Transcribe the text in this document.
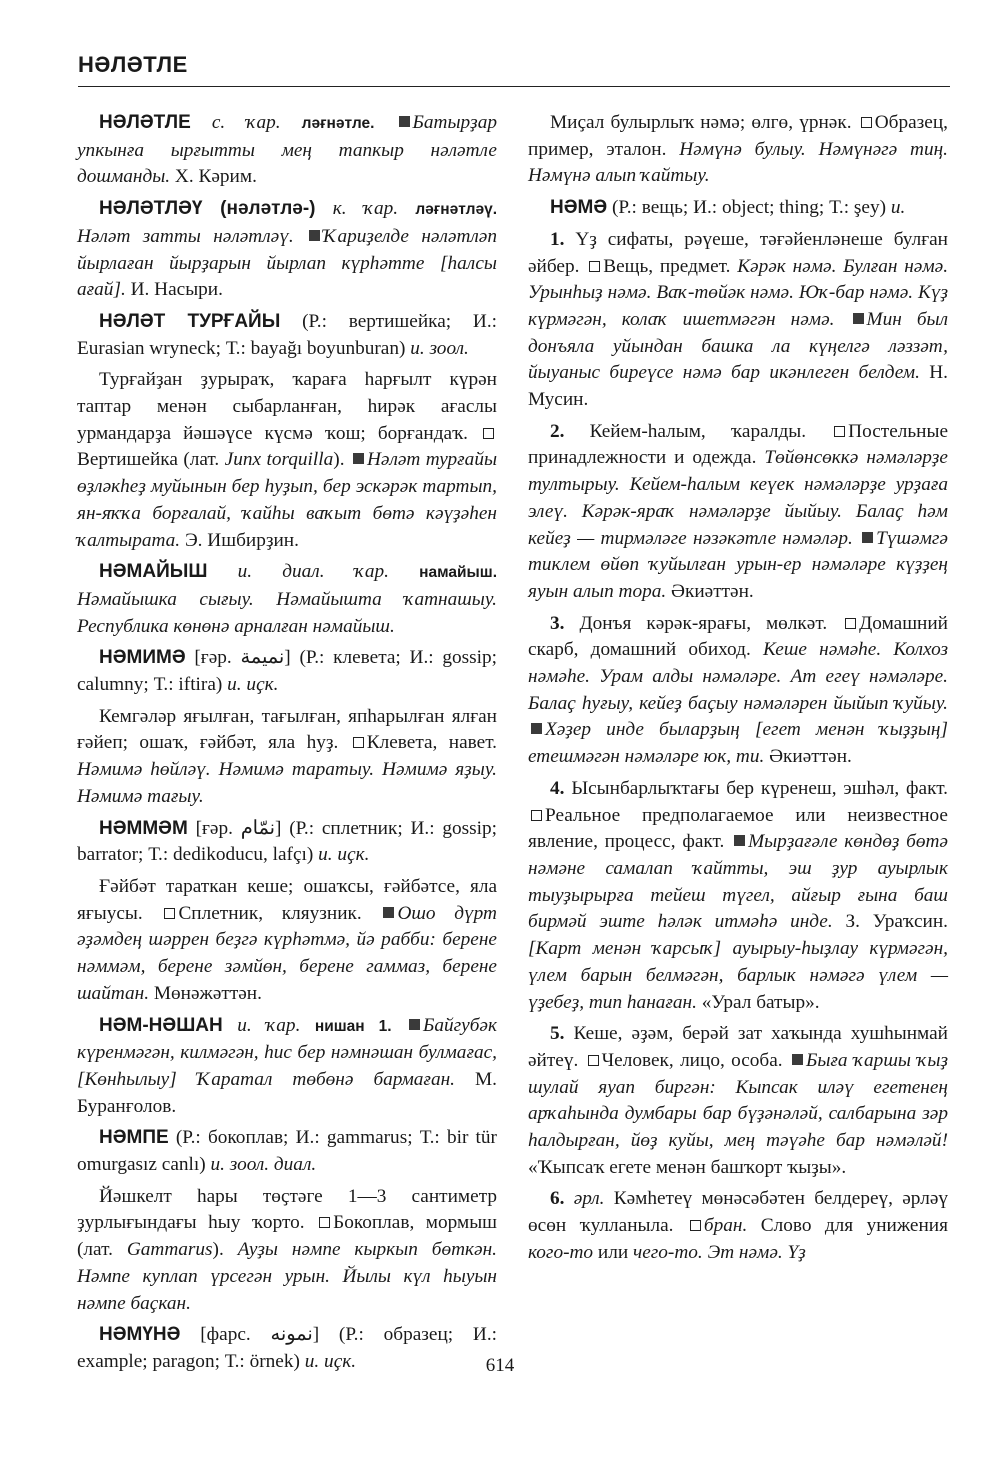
НӘЛӘТЛЕ

НӘЛӘТЛЕ с. ҡар. ләғнәтле. Батырҙар упкынға ырғытты мең тапкыр нәләтле дошманды. Х. Кәрим.

НӘЛӘТЛӘҮ (нәләтлә-) к. ҡар. ләғнәтләү. Нәләт затты нәләтләү. Ҡариҙелде нәләтләп йырлаған йырҙарын йырлап күрһәтте [һалсы ағай]. И. Насыри.

НӘЛӘТ ТУРҒАЙЫ (Р.: вертишейка; И.: Eurasian wryneck; Т.: bayağı boyunburan) и. зоол.

Турғайҙан ҙурыраҡ, ҡараға һарғылт күрән таптар менән сыбарланған, һирәк ағаслы урмандарҙа йәшәүсе күсмә ҡош; борғандаҡ. Вертишейка (лат. Junx torquilla). Нәләт турғайы өҙләкһеҙ муйынын бер һуҙып, бер эскәрәк тартып, ян-яҡҡа борғалай, ҡайһы ваҡыт бөтә кәүҙәһен ҡалтырата. Э. Ишбирҙин.

НӘМАЙЫШ и. диал. ҡар. намайыш. Нәмайышка сығыу. Нәмайышта ҡатнашыу. Республика көнөнә арналған нәмайыш.

НӘМИМӘ [ғәр. نميمة] (Р.: клевета; И.: gossip; calumny; Т.: iftira) и. иҫк.

Кемгәләр яғылған, тағылған, япһарылған ялған ғәйеп; ошаҡ, ғәйбәт, яла һуҙ. Клевета, навет. Нәмимә һөйләү. Нәмимә таратыу. Нәмимә яҙыу. Нәмимә тағыу.

НӘММӘМ [ғәр. نمّام] (Р.: сплетник; И.: gossip; barrator; Т.: dedikoducu, lafçı) и. иҫк.

Ғәйбәт тараткан кеше; ошаҡсы, ғәйбәтсе, яла яғыусы. Сплетник, кляузник. Ошо дүрт әҙәмдең шәррен беҙгә күрһәтмә, йә рабби: берене нәммәм, берене зәмйөн, берене гаммаз, берене шайтан. Мөнәжәттән.

НӘМ-НӘШАН и. ҡар. нишан 1. Байгубәк күренмәгән, килмәгән, һис бер нәмнәшан булмағас, [Көнһылыу] Ҡаратал төбөнә бармаған. М. Буранғолов.

НӘМПЕ (Р.: бокоплав; И.: gammarus; Т.: bir tür omurgasız canlı) и. зоол. диал.

Йәшкелт һары төҫтәге 1—3 сантиметр ҙурлығындағы һыу ҡорто. Бокоплав, мормыш (лат. Gammarus). Ауҙы нәмпе кыркып бөткән. Нәмпе куплап үрсегән урын. Йылы күл һыуын нәмпе баҫкан.

НӘМҮНӘ [фарс. نمونه] (Р.: образец; И.: example; paragon; Т.: örnek) и. иҫк.

Миҫал булырлыҡ нәмә; өлгө, үрнәк. Образец, пример, эталон. Нәмүнә булыу. Нәмүнәгә тиң. Нәмүнә алып ҡайтыу.

НӘМӘ (Р.: вещь; И.: object; thing; Т.: şey) и.

1. Үҙ сифаты, рәүеше, тәғәйенләнеше булған әйбер. Вещь, предмет. Кәрәк нәмә. Булған нәмә. Урынһыҙ нәмә. Ваҡ-төйәк нәмә. Юҡ-бар нәмә. Күҙ күрмәгән, колаҡ ишетмәгән нәмә. Мин был донъяла уйындан башка ла күңелгә ләззәт, йыуаныс биреүсе нәмә бар икәнлеген белдем. Н. Мусин.

2. Кейем-һалым, ҡаралды. Постельные принадлежности и одежда. Төйөнсөккә нәмәләрҙе тултырыу. Кейем-һалым кеүек нәмәләрҙе урҙаға элеү. Кәрәк-яраҡ нәмәләрҙе йыйыу. Балаҫ һәм кейеҙ — тирмәләге нәзәкәтле нәмәләр. Түшәмгә тиклем өйөп ҡуйылған урын-ер нәмәләре күҙҙең яуын алып тора. Әкиәттән.

3. Донъя кәрәк-ярағы, мөлкәт. Домашний скарб, домашний обиход. Кеше нәмәһе. Колхоз нәмәһе. Урам алды нәмәләре. Ат егеү нәмәләре. Балаҫ һуғыу, кейеҙ баҫыу нәмәләрен йыйып ҡуйыу. Хәҙер инде быларҙың [егет менән ҡыҙҙың] етешмәгән нәмәләре юк, ти. Әкиәттән.

4. Ысынбарлыҡтағы бер күренеш, эшһәл, факт. Реальное предполагаемое или неизвестное явление, процесс, факт. Мырҙағәле көндөҙ бөтә нәмәне самалап ҡайтты, эш ҙур ауырлык тыуҙырырға тейеш түгел, айғыр ғына баш бирмәй эште һәләк итмәһә инде. З. Ураҡсин. [Карт менән ҡарсыҡ] ауырыу-һыҙлау күрмәгән, үлем барын белмәгән, барлык нәмәгә үлем — үҙебеҙ, тип һанаған. «Урал батыр».

5. Кеше, әҙәм, берәй зат хаҡында хушһынмай әйтеү. Человек, лицо, особа. Быға ҡаршы ҡыҙ шулай яуап биргән: Кыпсак иләү егетенең арҡаһында думбары бар бүҙәнәләй, салбарына зәр һалдырған, йөҙ куйы, мең тәүәһе бар нәмәләй! «Ҡыпсаҡ егете менән башҡорт ҡыҙы».

6. әрл. Кәмһетеү мөнәсәбәтен белдереү, әрләү өсөн ҡулланыла. бран. Слово для унижения кого-то или чего-то. Эт нәмә. Үҙ

614
